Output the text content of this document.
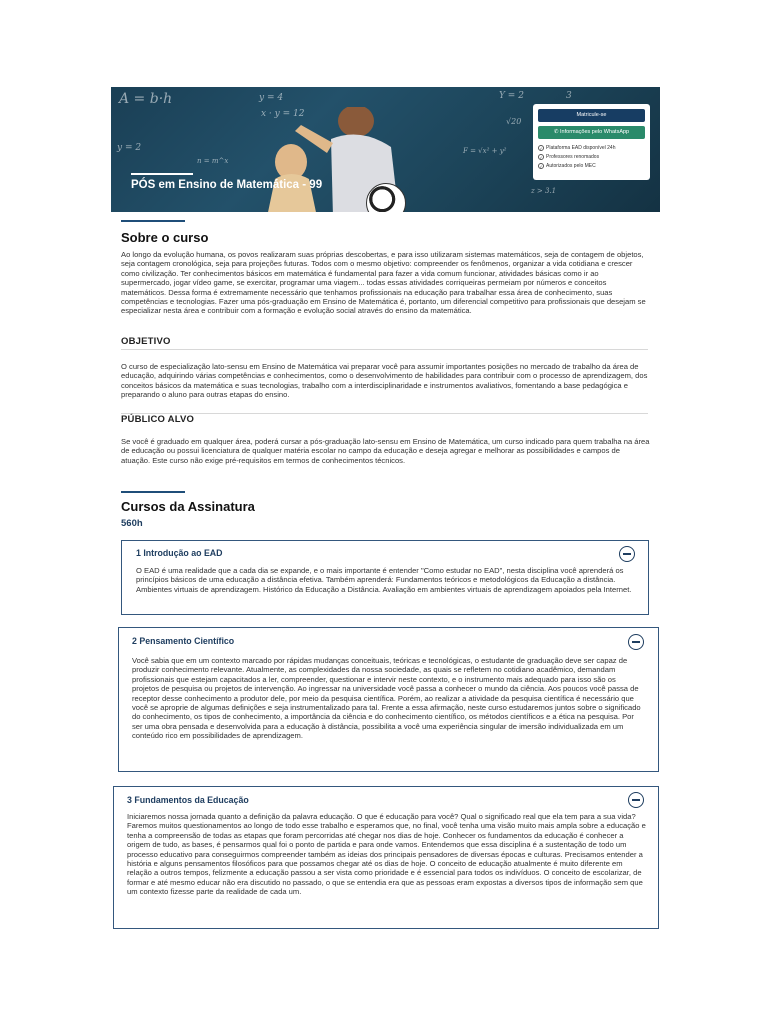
y = 4
x · y = 12
A = b·h
y = 2
n = m^x
Y = 2
F = √x² + y²
z > 3.1
3
√20
PÓS em Ensino de Matemática - 99
Matricule-se
✆ Informações pelo WhatsApp
✓ Plataforma EAD disponível 24h
✓ Professores renomados
✓ Autorizados pelo MEC
Sobre o curso
Ao longo da evolução humana, os povos realizaram suas próprias descobertas, e para isso utilizaram sistemas matemáticos, seja de contagem de objetos, seja contagem cronológica, seja para projeções futuras. Todos com o mesmo objetivo: compreender os fenômenos, organizar a vida cotidiana e crescer como civilização. Ter conhecimentos básicos em matemática é fundamental para fazer a vida comum funcionar, atividades básicas como ir ao supermercado, jogar vídeo game, se exercitar, programar uma viagem... todas essas atividades corriqueiras permeiam por números e conceitos matemáticos. Dessa forma é extremamente necessário que tenhamos profissionais na educação para trabalhar essa área de conhecimento, suas competências e tecnologias. Fazer uma pós-graduação em Ensino de Matemática é, portanto, um diferencial competitivo para profissionais que desejam se especializar nesta área e contribuir com a formação e evolução social através do ensino da matemática.
OBJETIVO
O curso de especialização lato-sensu em Ensino de Matemática vai preparar você para assumir importantes posições no mercado de trabalho da área de educação, adquirindo várias competências e conhecimentos, como o desenvolvimento de habilidades para contribuir com o processo de aprendizagem, dos conceitos básicos da matemática e suas tecnologias, trabalho com a interdisciplinaridade e instrumentos avaliativos, fomentando a base pedagógica e preparando o aluno para outras etapas do ensino.
PÚBLICO ALVO
Se você é graduado em qualquer área, poderá cursar a pós-graduação lato-sensu em Ensino de Matemática, um curso indicado para quem trabalha na área de educação ou possui licenciatura de qualquer matéria escolar no campo da educação e deseja agregar e melhorar as possibilidades e campos de atuação. Este curso não exige pré-requisitos em termos de conhecimentos técnicos.
Cursos da Assinatura
560h
1 Introdução ao EAD
O EAD é uma realidade que a cada dia se expande, e o mais importante é entender "Como estudar no EAD", nesta disciplina você aprenderá os princípios básicos de uma educação a distância efetiva. Também aprenderá: Fundamentos teóricos e metodológicos da Educação a distância. Ambientes virtuais de aprendizagem. Histórico da Educação a Distância. Avaliação em ambientes virtuais de aprendizagem apoiados pela Internet.
2 Pensamento Científico
Você sabia que em um contexto marcado por rápidas mudanças conceituais, teóricas e tecnológicas, o estudante de graduação deve ser capaz de produzir conhecimento relevante. Atualmente, as complexidades da nossa sociedade, as quais se refletem no cotidiano acadêmico, demandam profissionais que estejam capacitados a ler, compreender, questionar e intervir neste contexto, e o instrumento mais adequado para isso são os projetos de pesquisa ou projetos de intervenção. Ao ingressar na universidade você passa a conhecer o mundo da ciência. Aos poucos você passa de receptor desse conhecimento a produtor dele, por meio da pesquisa científica. Porém, ao realizar a atividade da pesquisa científica é necessário que você se aproprie de algumas definições e seja instrumentalizado para tal. Frente a essa afirmação, neste curso estudaremos juntos sobre o significado do conhecimento, os tipos de conhecimento, a importância da ciência e do conhecimento científico, os métodos científicos e a ética na pesquisa. Por ser uma obra pensada e desenvolvida para a educação à distância, possibilita a você uma experiência singular de imersão individualizada em um conteúdo rico em possibilidades de aprendizagem.
3 Fundamentos da Educação
Iniciaremos nossa jornada quanto a definição da palavra educação. O que é educação para você? Qual o significado real que ela tem para a sua vida? Faremos muitos questionamentos ao longo de todo esse trabalho e esperamos que, no final, você tenha uma visão muito mais ampla sobre a educação e tenha a compreensão de todas as etapas que foram percorridas até chegar nos dias de hoje. Conhecer os fundamentos da educação é conhecer a origem de tudo, as bases, é pensarmos qual foi o ponto de partida e para onde vamos. Entendemos que essa disciplina é a sustentação de todo um processo educativo para conseguirmos compreender também as ideias dos principais pensadores de diversas épocas e culturas. Precisamos entender a história e alguns pensamentos filosóficos para que possamos chegar até os dias de hoje. O conceito de educação atualmente é muito diferente em relação a outros tempos, felizmente a educação passou a ser vista como prioridade e é essencial para todos os indivíduos. O conceito de escolarizar, de formar e até mesmo educar não era discutido no passado, o que se entendia era que as pessoas eram expostas a diversos tipos de informação sem que um contexto fizesse parte da realidade de cada um.
